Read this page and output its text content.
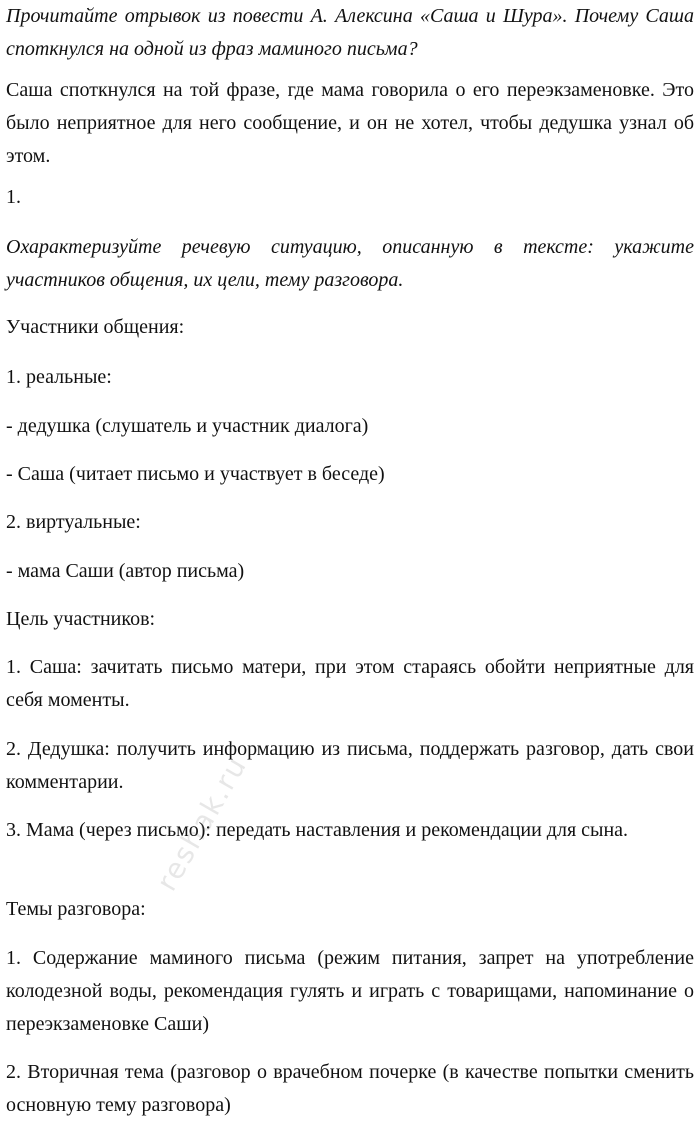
Прочитайте отрывок из повести А. Алексина «Саша и Шура». Почему Саша споткнулся на одной из фраз маминого письма?

Саша споткнулся на той фразе, где мама говорила о его переэкзаменовке. Это было неприятное для него сообщение, и он не хотел, чтобы дедушка узнал об этом.

1.

Охарактеризуйте речевую ситуацию, описанную в тексте: укажите участников общения, их цели, тему разговора.

Участники общения:

1. реальные:

- дедушка (слушатель и участник диалога)

- Саша (читает письмо и участвует в беседе)

2. виртуальные:

- мама Саши (автор письма)

Цель участников:

1. Саша: зачитать письмо матери, при этом стараясь обойти неприятные для себя моменты.

2. Дедушка: получить информацию из письма, поддержать разговор, дать свои комментарии.

3. Мама (через письмо): передать наставления и рекомендации для сына.

Темы разговора:

1. Содержание маминого письма (режим питания, запрет на употребление колодезной воды, рекомендация гулять и играть с товарищами, напоминание о переэкзаменовке Саши)

2. Вторичная тема (разговор о врачебном почерке (в качестве попытки сменить основную тему разговора)

reshak.ru
